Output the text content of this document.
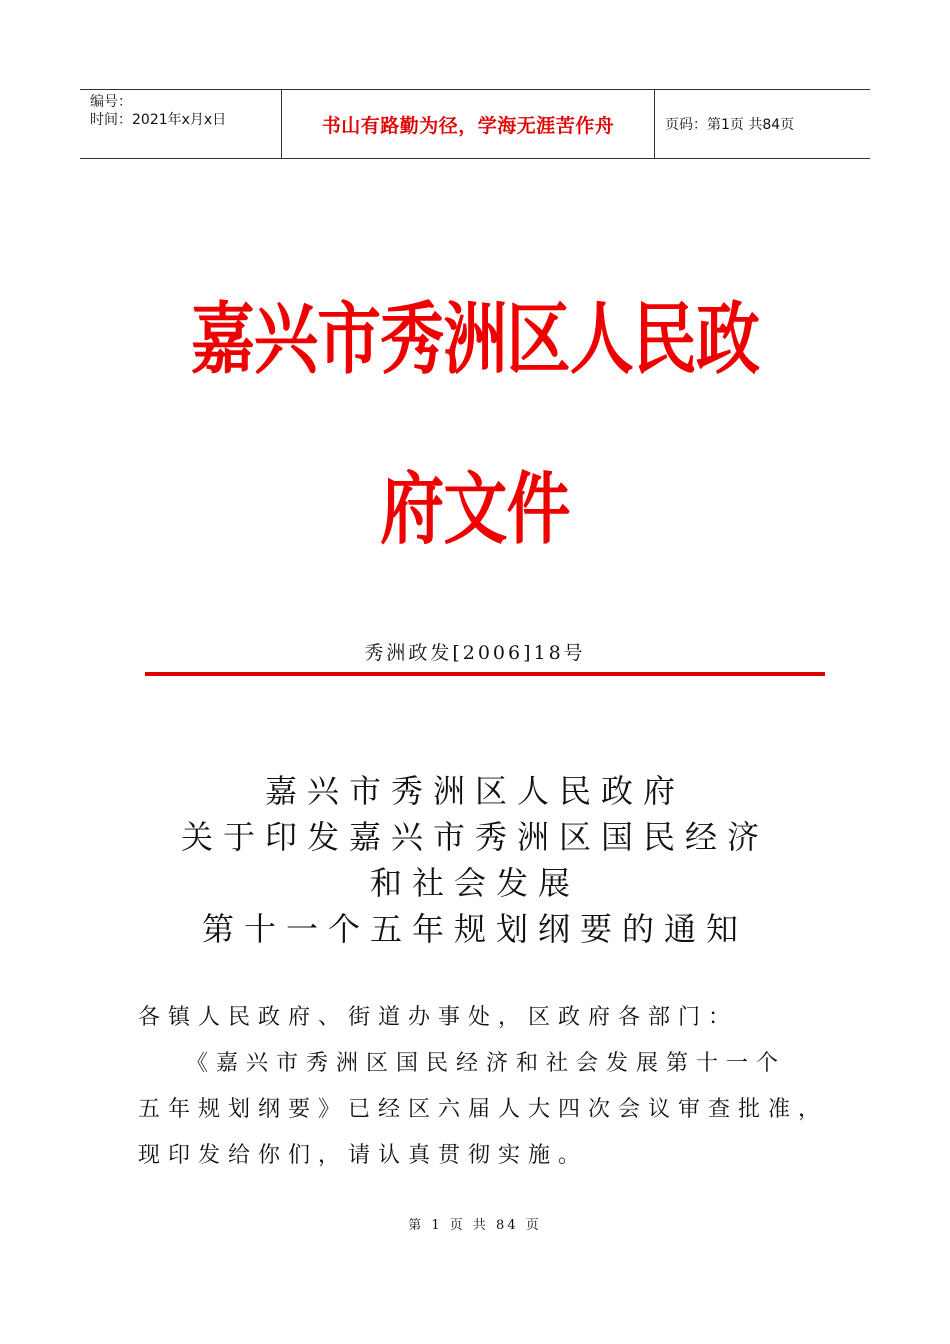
编号：
时间：2021年x月x日	书山有路勤为径，学海无涯苦作舟	页码：第1页 共84页
嘉兴市秀洲区人民政府文件
秀洲政发[2006]18号
嘉兴市秀洲区人民政府
关于印发嘉兴市秀洲区国民经济
和社会发展
第十一个五年规划纲要的通知

各镇人民政府、街道办事处，区政府各部门：

《嘉兴市秀洲区国民经济和社会发展第十一个

五年规划纲要》已经区六届人大四次会议审查批准，

现印发给你们，请认真贯彻实施。

第 1 页 共 84 页
